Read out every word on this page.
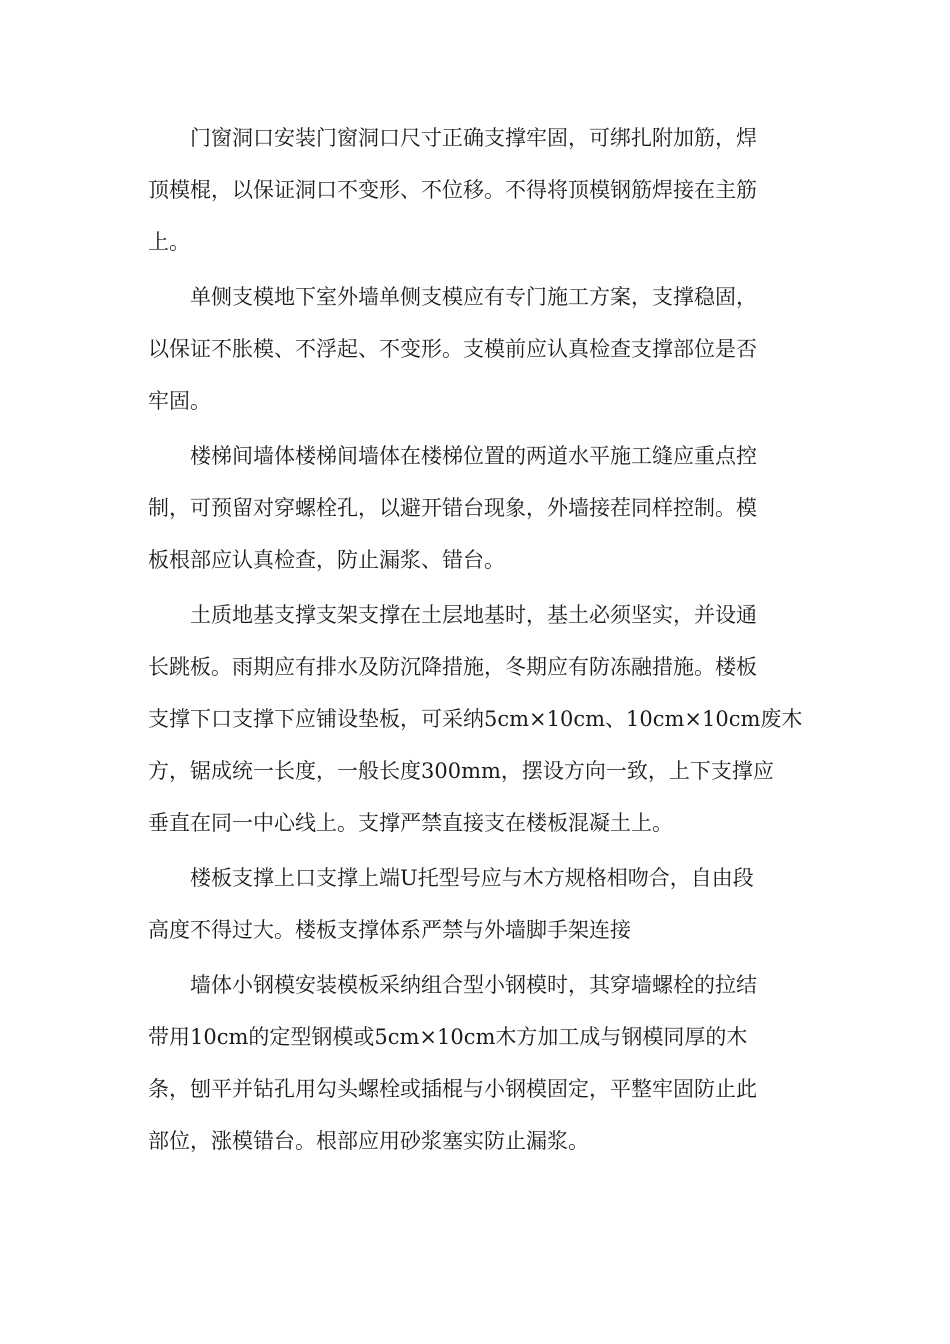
门窗洞口安装门窗洞口尺寸正确支撑牢固，可绑扎附加筋，焊
顶模棍，以保证洞口不变形、不位移。不得将顶模钢筋焊接在主筋
上。
单侧支模地下室外墙单侧支模应有专门施工方案，支撑稳固，
以保证不胀模、不浮起、不变形。支模前应认真检查支撑部位是否
牢固。
楼梯间墙体楼梯间墙体在楼梯位置的两道水平施工缝应重点控
制，可预留对穿螺栓孔，以避开错台现象，外墙接茬同样控制。模
板根部应认真检查，防止漏浆、错台。
土质地基支撑支架支撑在土层地基时，基土必须坚实，并设通
长跳板。雨期应有排水及防沉降措施，冬期应有防冻融措施。楼板
支撑下口支撑下应铺设垫板，可采纳5cm×10cm、10cm×10cm废木
方，锯成统一长度，一般长度300mm，摆设方向一致，上下支撑应
垂直在同一中心线上。支撑严禁直接支在楼板混凝土上。
楼板支撑上口支撑上端U托型号应与木方规格相吻合，自由段
高度不得过大。楼板支撑体系严禁与外墙脚手架连接
墙体小钢模安装模板采纳组合型小钢模时，其穿墙螺栓的拉结
带用10cm的定型钢模或5cm×10cm木方加工成与钢模同厚的木
条，刨平并钻孔用勾头螺栓或插棍与小钢模固定，平整牢固防止此
部位，涨模错台。根部应用砂浆塞实防止漏浆。
